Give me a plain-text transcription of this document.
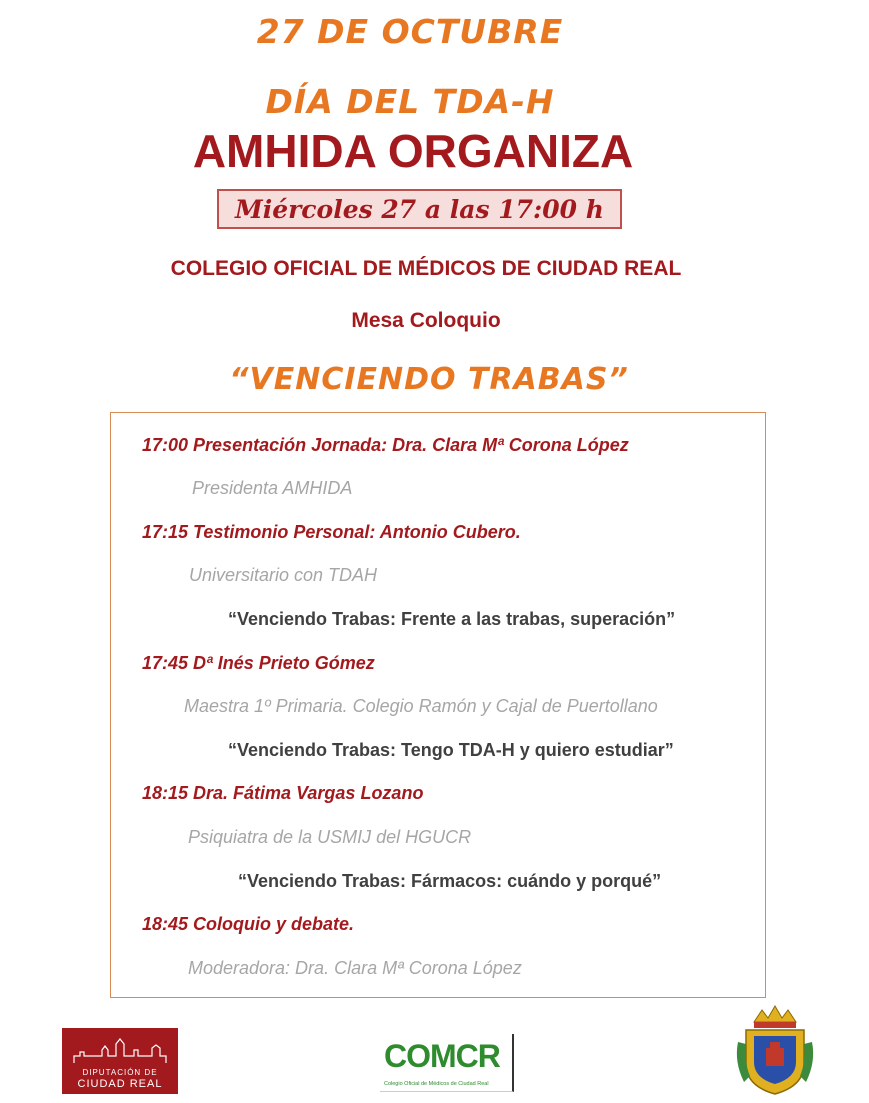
27 DE OCTUBRE
DÍA DEL TDA-H
AMHIDA ORGANIZA
Miércoles 27 a las 17:00 h
COLEGIO OFICIAL DE MÉDICOS DE CIUDAD REAL
Mesa Coloquio
“VENCIENDO TRABAS”
17:00 Presentación Jornada: Dra. Clara Mª Corona López
Presidenta AMHIDA
17:15 Testimonio Personal: Antonio Cubero.
Universitario con TDAH
“Venciendo Trabas: Frente a las trabas, superación”
17:45 Dª Inés Prieto Gómez
Maestra 1º Primaria. Colegio Ramón y Cajal de Puertollano
“Venciendo Trabas: Tengo TDA-H y quiero estudiar”
18:15 Dra. Fátima Vargas Lozano
Psiquiatra de la USMIJ del HGUCR
“Venciendo Trabas: Fármacos: cuándo y porqué”
18:45 Coloquio y debate.
Moderadora: Dra. Clara Mª Corona López
DIPUTACIÓN DE
CIUDAD REAL
COMCR
Colegio Oficial de Médicos de Ciudad Real
